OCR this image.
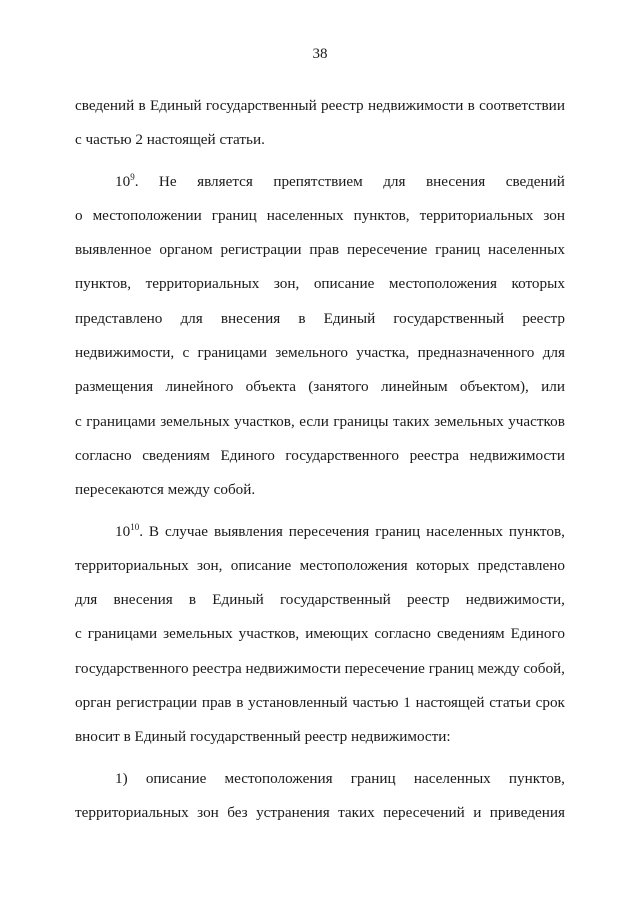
38
сведений в Единый государственный реестр недвижимости в соответствии
с частью 2 настоящей статьи.
$10^9$. Не является препятствием для внесения сведений
о местоположении границ населенных пунктов, территориальных зон
выявленное органом регистрации прав пересечение границ населенных
пунктов, территориальных зон, описание местоположения которых
представлено для внесения в Единый государственный реестр
недвижимости, с границами земельного участка, предназначенного для
размещения линейного объекта (занятого линейным объектом), или
с границами земельных участков, если границы таких земельных участков
согласно сведениям Единого государственного реестра недвижимости
пересекаются между собой.
$10^{10}$. В случае выявления пересечения границ населенных пунктов,
территориальных зон, описание местоположения которых представлено
для внесения в Единый государственный реестр недвижимости,
с границами земельных участков, имеющих согласно сведениям Единого
государственного реестра недвижимости пересечение границ между собой,
орган регистрации прав в установленный частью 1 настоящей статьи срок
вносит в Единый государственный реестр недвижимости:
1) описание местоположения границ населенных пунктов,
территориальных зон без устранения таких пересечений и приведения
